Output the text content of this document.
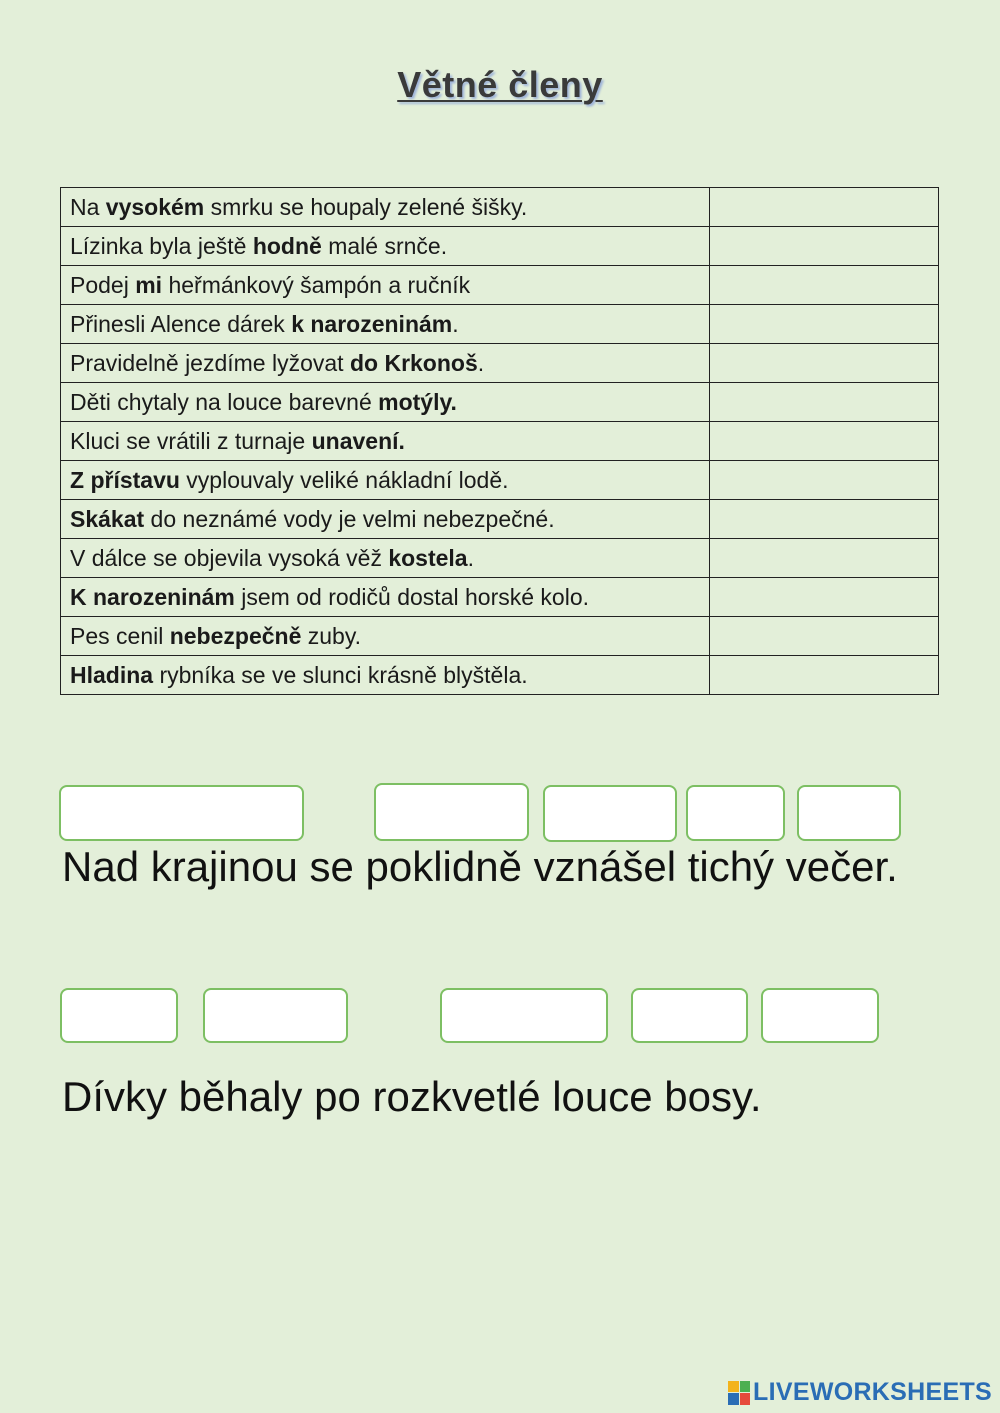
Větné členy
Na vysokém smrku se houpaly zelené šišky.	
Lízinka byla ještě hodně malé srnče.	
Podej mi heřmánkový šampón a ručník	
Přinesli Alence dárek k narozeninám.	
Pravidelně jezdíme lyžovat do Krkonoš.	
Děti chytaly na louce barevné motýly.	
Kluci se vrátili z turnaje unavení.	
Z přístavu vyplouvaly veliké nákladní lodě.	
Skákat do neznámé vody je velmi nebezpečné.	
V dálce se objevila vysoká věž kostela.	
K narozeninám jsem od rodičů dostal horské kolo.	
Pes cenil nebezpečně zuby.	
Hladina rybníka se ve slunci krásně blyštěla.	
Nad krajinou se poklidně vznášel tichý večer.
Dívky běhaly po rozkvetlé louce bosy.
LIVEWORKSHEETS
